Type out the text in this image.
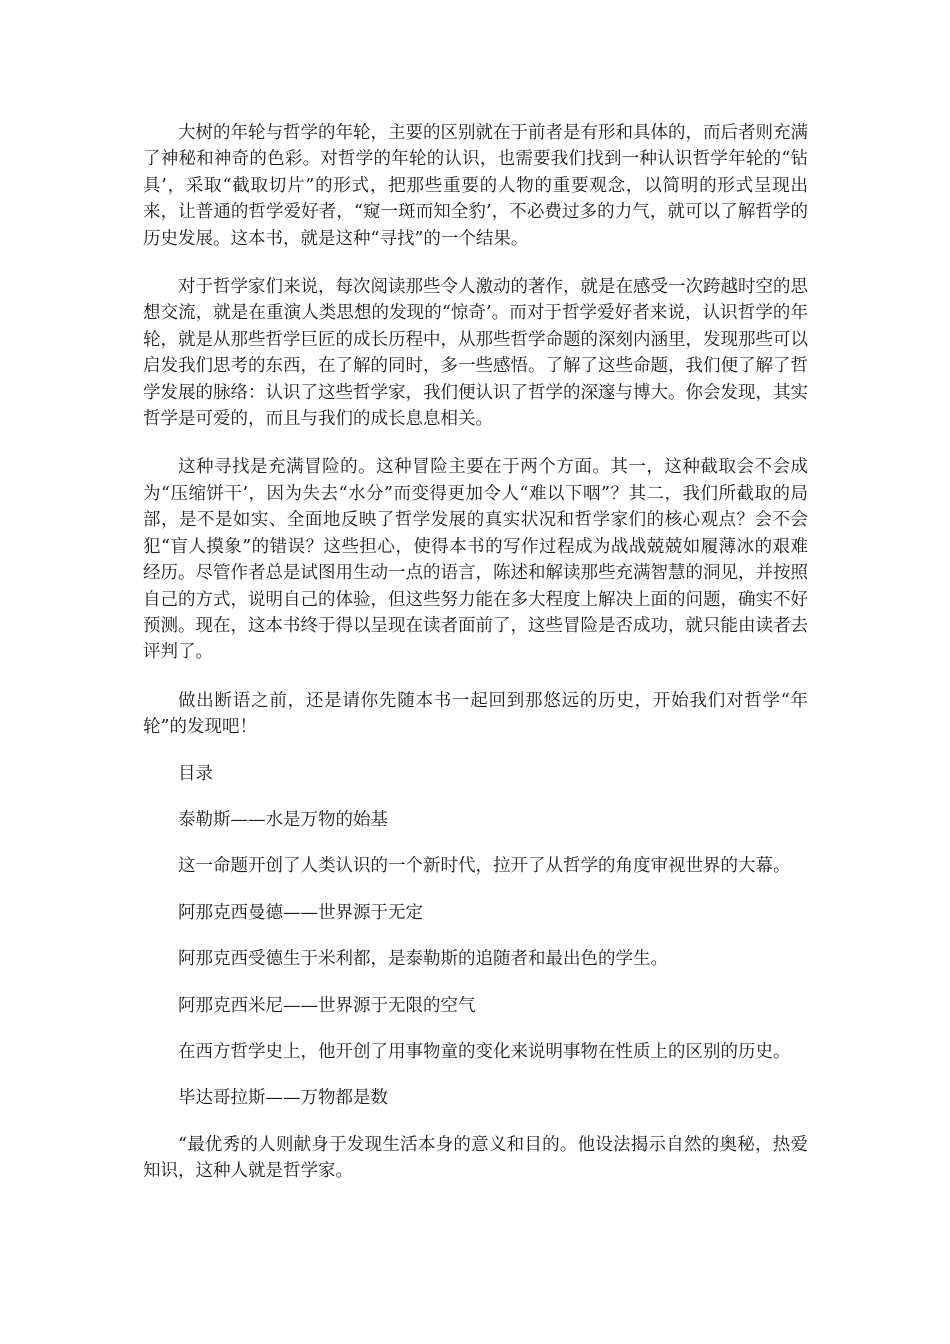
大树的年轮与哲学的年轮，主要的区别就在于前者是有形和具体的，而后者则充满了神秘和神奇的色彩。对哲学的年轮的认识，也需要我们找到一种认识哲学年轮的“钻具’，采取“截取切片”的形式，把那些重要的人物的重要观念，以简明的形式呈现出来，让普通的哲学爱好者，“窥一斑而知全豹’，不必费过多的力气，就可以了解哲学的历史发展。这本书，就是这种“寻找”的一个结果。

对于哲学家们来说，每次阅读那些令人激动的著作，就是在感受一次跨越时空的思想交流，就是在重演人类思想的发现的“惊奇’。而对于哲学爱好者来说，认识哲学的年轮，就是从那些哲学巨匠的成长历程中，从那些哲学命题的深刻内涵里，发现那些可以启发我们思考的东西，在了解的同时，多一些感悟。了解了这些命题，我们便了解了哲学发展的脉络：认识了这些哲学家，我们便认识了哲学的深邃与博大。你会发现，其实哲学是可爱的，而且与我们的成长息息相关。

这种寻找是充满冒险的。这种冒险主要在于两个方面。其一，这种截取会不会成为“压缩饼干’，因为失去“水分”而变得更加令人“难以下咽”？其二，我们所截取的局部，是不是如实、全面地反映了哲学发展的真实状况和哲学家们的核心观点？会不会犯“盲人摸象”的错误？这些担心，使得本书的写作过程成为战战兢兢如履薄冰的艰难经历。尽管作者总是试图用生动一点的语言，陈述和解读那些充满智慧的洞见，并按照自己的方式，说明自己的体验，但这些努力能在多大程度上解决上面的问题，确实不好预测。现在，这本书终于得以呈现在读者面前了，这些冒险是否成功，就只能由读者去评判了。

做出断语之前，还是请你先随本书一起回到那悠远的历史，开始我们对哲学“年轮”的发现吧！

目录

泰勒斯——水是万物的始基

这一命题开创了人类认识的一个新时代，拉开了从哲学的角度审视世界的大幕。

阿那克西曼德——世界源于无定

阿那克西受德生于米利都，是泰勒斯的追随者和最出色的学生。

阿那克西米尼——世界源于无限的空气

在西方哲学史上，他开创了用事物童的变化来说明事物在性质上的区别的历史。

毕达哥拉斯——万物都是数

“最优秀的人则献身于发现生活本身的意义和目的。他设法揭示自然的奥秘，热爱知识，这种人就是哲学家。
